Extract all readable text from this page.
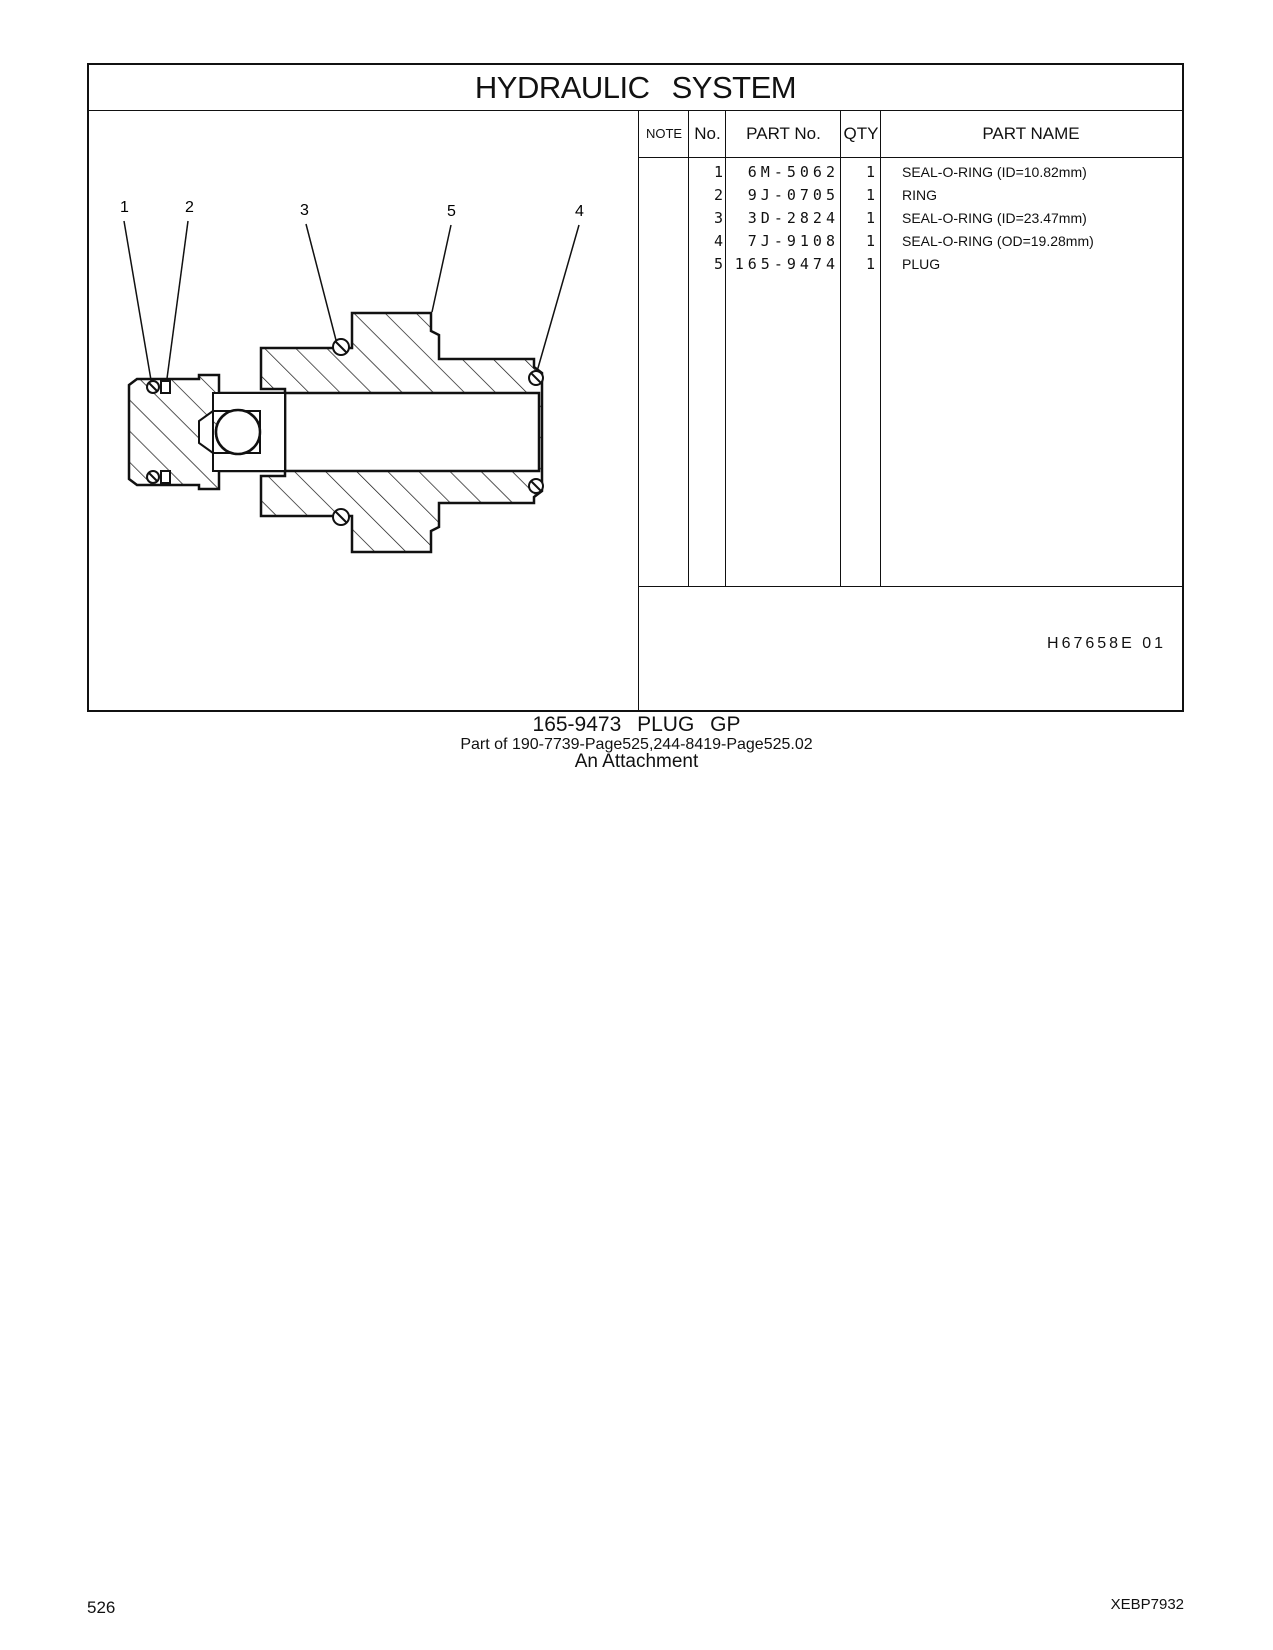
HYDRAULIC SYSTEM
1	2	3	5	4
NOTE No.	PART No.	QTY	PART NAME
1	6M-5062	1 SEAL-O-RING (ID=10.82mm)
2	9J-0705	1 RING
3	3D-2824	1 SEAL-O-RING (ID=23.47mm)
4	7J-9108	1 SEAL-O-RING (OD=19.28mm)
5 165-9474	1 PLUG
H67658E 01
165-9473 PLUG GP
Part of 190-7739-Page525,244-8419-Page525.02
An Attachment
526	XEBP7932
